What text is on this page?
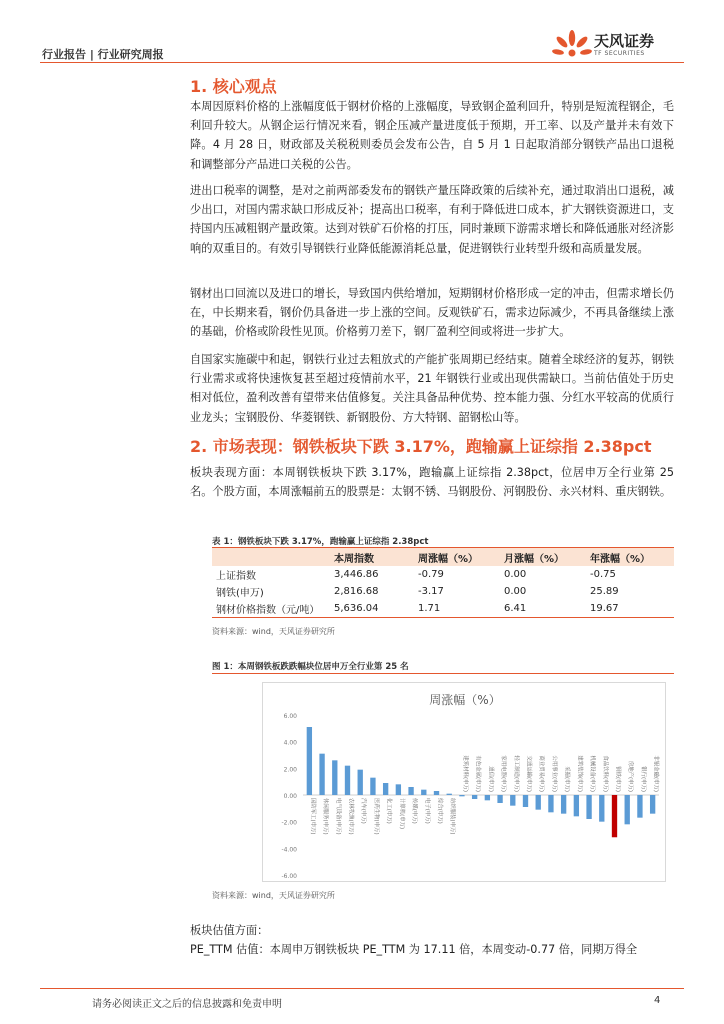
行业报告 | 行业研究周报
天风证券
TF SECURITIES
1. 核心观点

本周因原料价格的上涨幅度低于钢材价格的上涨幅度，导致钢企盈利回升，特别是短流程钢企，毛利回升较大。从钢企运行情况来看，钢企压减产量进度低于预期，开工率、以及产量并未有效下降。4 月 28 日，财政部及关税税则委员会发布公告，自 5 月 1 日起取消部分钢铁产品出口退税和调整部分产品进口关税的公告。

进出口税率的调整，是对之前两部委发布的钢铁产量压降政策的后续补充，通过取消出口退税，减少出口，对国内需求缺口形成反补；提高出口税率，有利于降低进口成本，扩大钢铁资源进口，支持国内压减粗钢产量政策。达到对铁矿石价格的打压，同时兼顾下游需求增长和降低通胀对经济影响的双重目的。有效引导钢铁行业降低能源消耗总量，促进钢铁行业转型升级和高质量发展。

钢材出口回流以及进口的增长，导致国内供给增加，短期钢材价格形成一定的冲击，但需求增长仍在，中长期来看，钢价仍具备进一步上涨的空间。反观铁矿石，需求边际减少，不再具备继续上涨的基础，价格或阶段性见顶。价格剪刀差下，钢厂盈利空间或将进一步扩大。

自国家实施碳中和起，钢铁行业过去粗放式的产能扩张周期已经结束。随着全球经济的复苏，钢铁行业需求或将快速恢复甚至超过疫情前水平，21 年钢铁行业或出现供需缺口。当前估值处于历史相对低位，盈利改善有望带来估值修复。关注具备品种优势、控本能力强、分红水平较高的优质行业龙头；宝钢股份、华菱钢铁、新钢股份、方大特钢、韶钢松山等。

2. 市场表现：钢铁板块下跌 3.17%，跑输赢上证综指 2.38pct

板块表现方面：本周钢铁板块下跌 3.17%，跑输赢上证综指 2.38pct，位居申万全行业第 25 名。个股方面，本周涨幅前五的股票是：太钢不锈、马钢股份、河钢股份、永兴材料、重庆钢铁。

表 1：钢铁板块下跌 3.17%，跑输赢上证综指 2.38pct
	本周指数	周涨幅（%）	月涨幅（%）	年涨幅（%）
上证指数	3,446.86	-0.79	0.00	-0.75
钢铁(申万)	2,816.68	-3.17	0.00	25.89
钢材价格指数（元/吨）	5,636.04	1.71	6.41	19.67
资料来源：wind，天风证券研究所
图 1：本周钢铁板跌跌幅块位居申万全行业第 25 名
周涨幅（%）
6.00
4.00
2.00
0.00
-2.00
-4.00
-6.00
国防军工(申万)	休闲服务(申万)	电气设备(申万)	农林牧渔(申万)	汽车(申万)	医药生物(申万)	化工(申万)	计算机(申万)	传媒(申万)	电子(申万)	综合(申万)	纺织服装(申万)
建筑材料(申万)	有色金属(申万)	通信(申万)	家用电器(申万)	轻工制造(申万)	交通运输(申万)	商业贸易(申万)	公用事业(申万)	采掘(申万)	建筑装饰(申万)	机械设备(申万)	食品饮料(申万)	钢铁(申万)	房地产(申万)	银行(申万)	非银金融(申万)
资料来源：wind，天风证券研究所

板块估值方面：

PE_TTM 估值：本周申万钢铁板块 PE_TTM 为 17.11 倍，本周变动-0.77 倍，同期万得全

请务必阅读正文之后的信息披露和免责申明	4
